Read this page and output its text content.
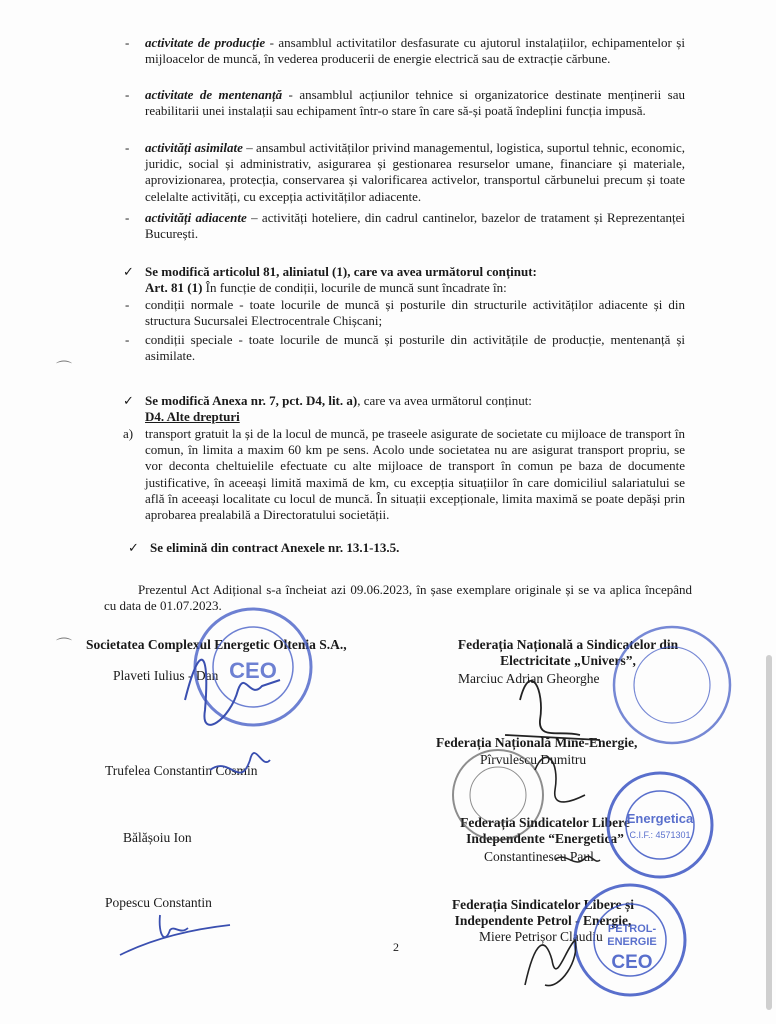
- activitate de producție - ansamblul activitatilor desfasurate cu ajutorul instalațiilor, echipamentelor și mijloacelor de muncă, în vederea producerii de energie electrică sau de extracție cărbune.
- activitate de mentenanță - ansamblul acțiunilor tehnice si organizatorice destinate menținerii sau reabilitarii unei instalații sau echipament într-o stare în care să-și poată îndeplini funcția impusă.
- activități asimilate – ansambul activităților privind managementul, logistica, suportul tehnic, economic, juridic, social și administrativ, asigurarea și gestionarea resurselor umane, financiare și materiale, aprovizionarea, protecția, conservarea și valorificarea activelor, transportul cărbunelui precum și toate celelalte activități, cu excepția activităților adiacente.
- activități adiacente – activități hoteliere, din cadrul cantinelor, bazelor de tratament și Reprezentanței București.
✓ Se modifică articolul 81, aliniatul (1), care va avea următorul conținut:
Art. 81 (1) În funcție de condiții, locurile de muncă sunt încadrate în:
- condiții normale - toate locurile de muncă și posturile din structurile activităților adiacente și din structura Sucursalei Electrocentrale Chișcani;
- condiții speciale - toate locurile de muncă și posturile din activitățile de producție, mentenanță și asimilate.
⌒
✓ Se modifică Anexa nr. 7, pct. D4, lit. a), care va avea următorul conținut:
D4. Alte drepturi
a) transport gratuit la și de la locul de muncă, pe traseele asigurate de societate cu mijloace de transport în comun, în limita a maxim 60 km pe sens. Acolo unde societatea nu are asigurat transport propriu, se vor deconta cheltuielile efectuate cu alte mijloace de transport în comun pe baza de documente justificative, în aceeași limită maximă de km, cu excepția situațiilor în care domiciliul salariatului se află în aceeași localitate cu locul de muncă. În situații excepționale, limita maximă se poate depăși prin aprobarea prealabilă a Directoratului societății.
✓ Se elimină din contract Anexele nr. 13.1-13.5.
Prezentul Act Adițional s-a încheiat azi 09.06.2023, în șase exemplare originale și se va aplica începând cu data de 01.07.2023.
Societatea Complexul Energetic Oltenia S.A.,
⌒
Plaveti Iulius - Dan
Trufelea Constantin Cosmin
Bălășoiu Ion
Popescu Constantin
Federația Națională a Sindicatelor din Electricitate „Univers”,
Marciuc Adrian Gheorghe
Federația Națională Mine-Energie,
Pîrvulescu Dumitru
Federația Sindicatelor Libere Independente “Energetica”
Constantinescu Paul
Federația Sindicatelor Libere și Independente Petrol - Energie,
Miere Petrișor Claudiu
CEO
Energetica
C.I.F.: 4571301
PETROL-
ENERGIE
CEO
2
